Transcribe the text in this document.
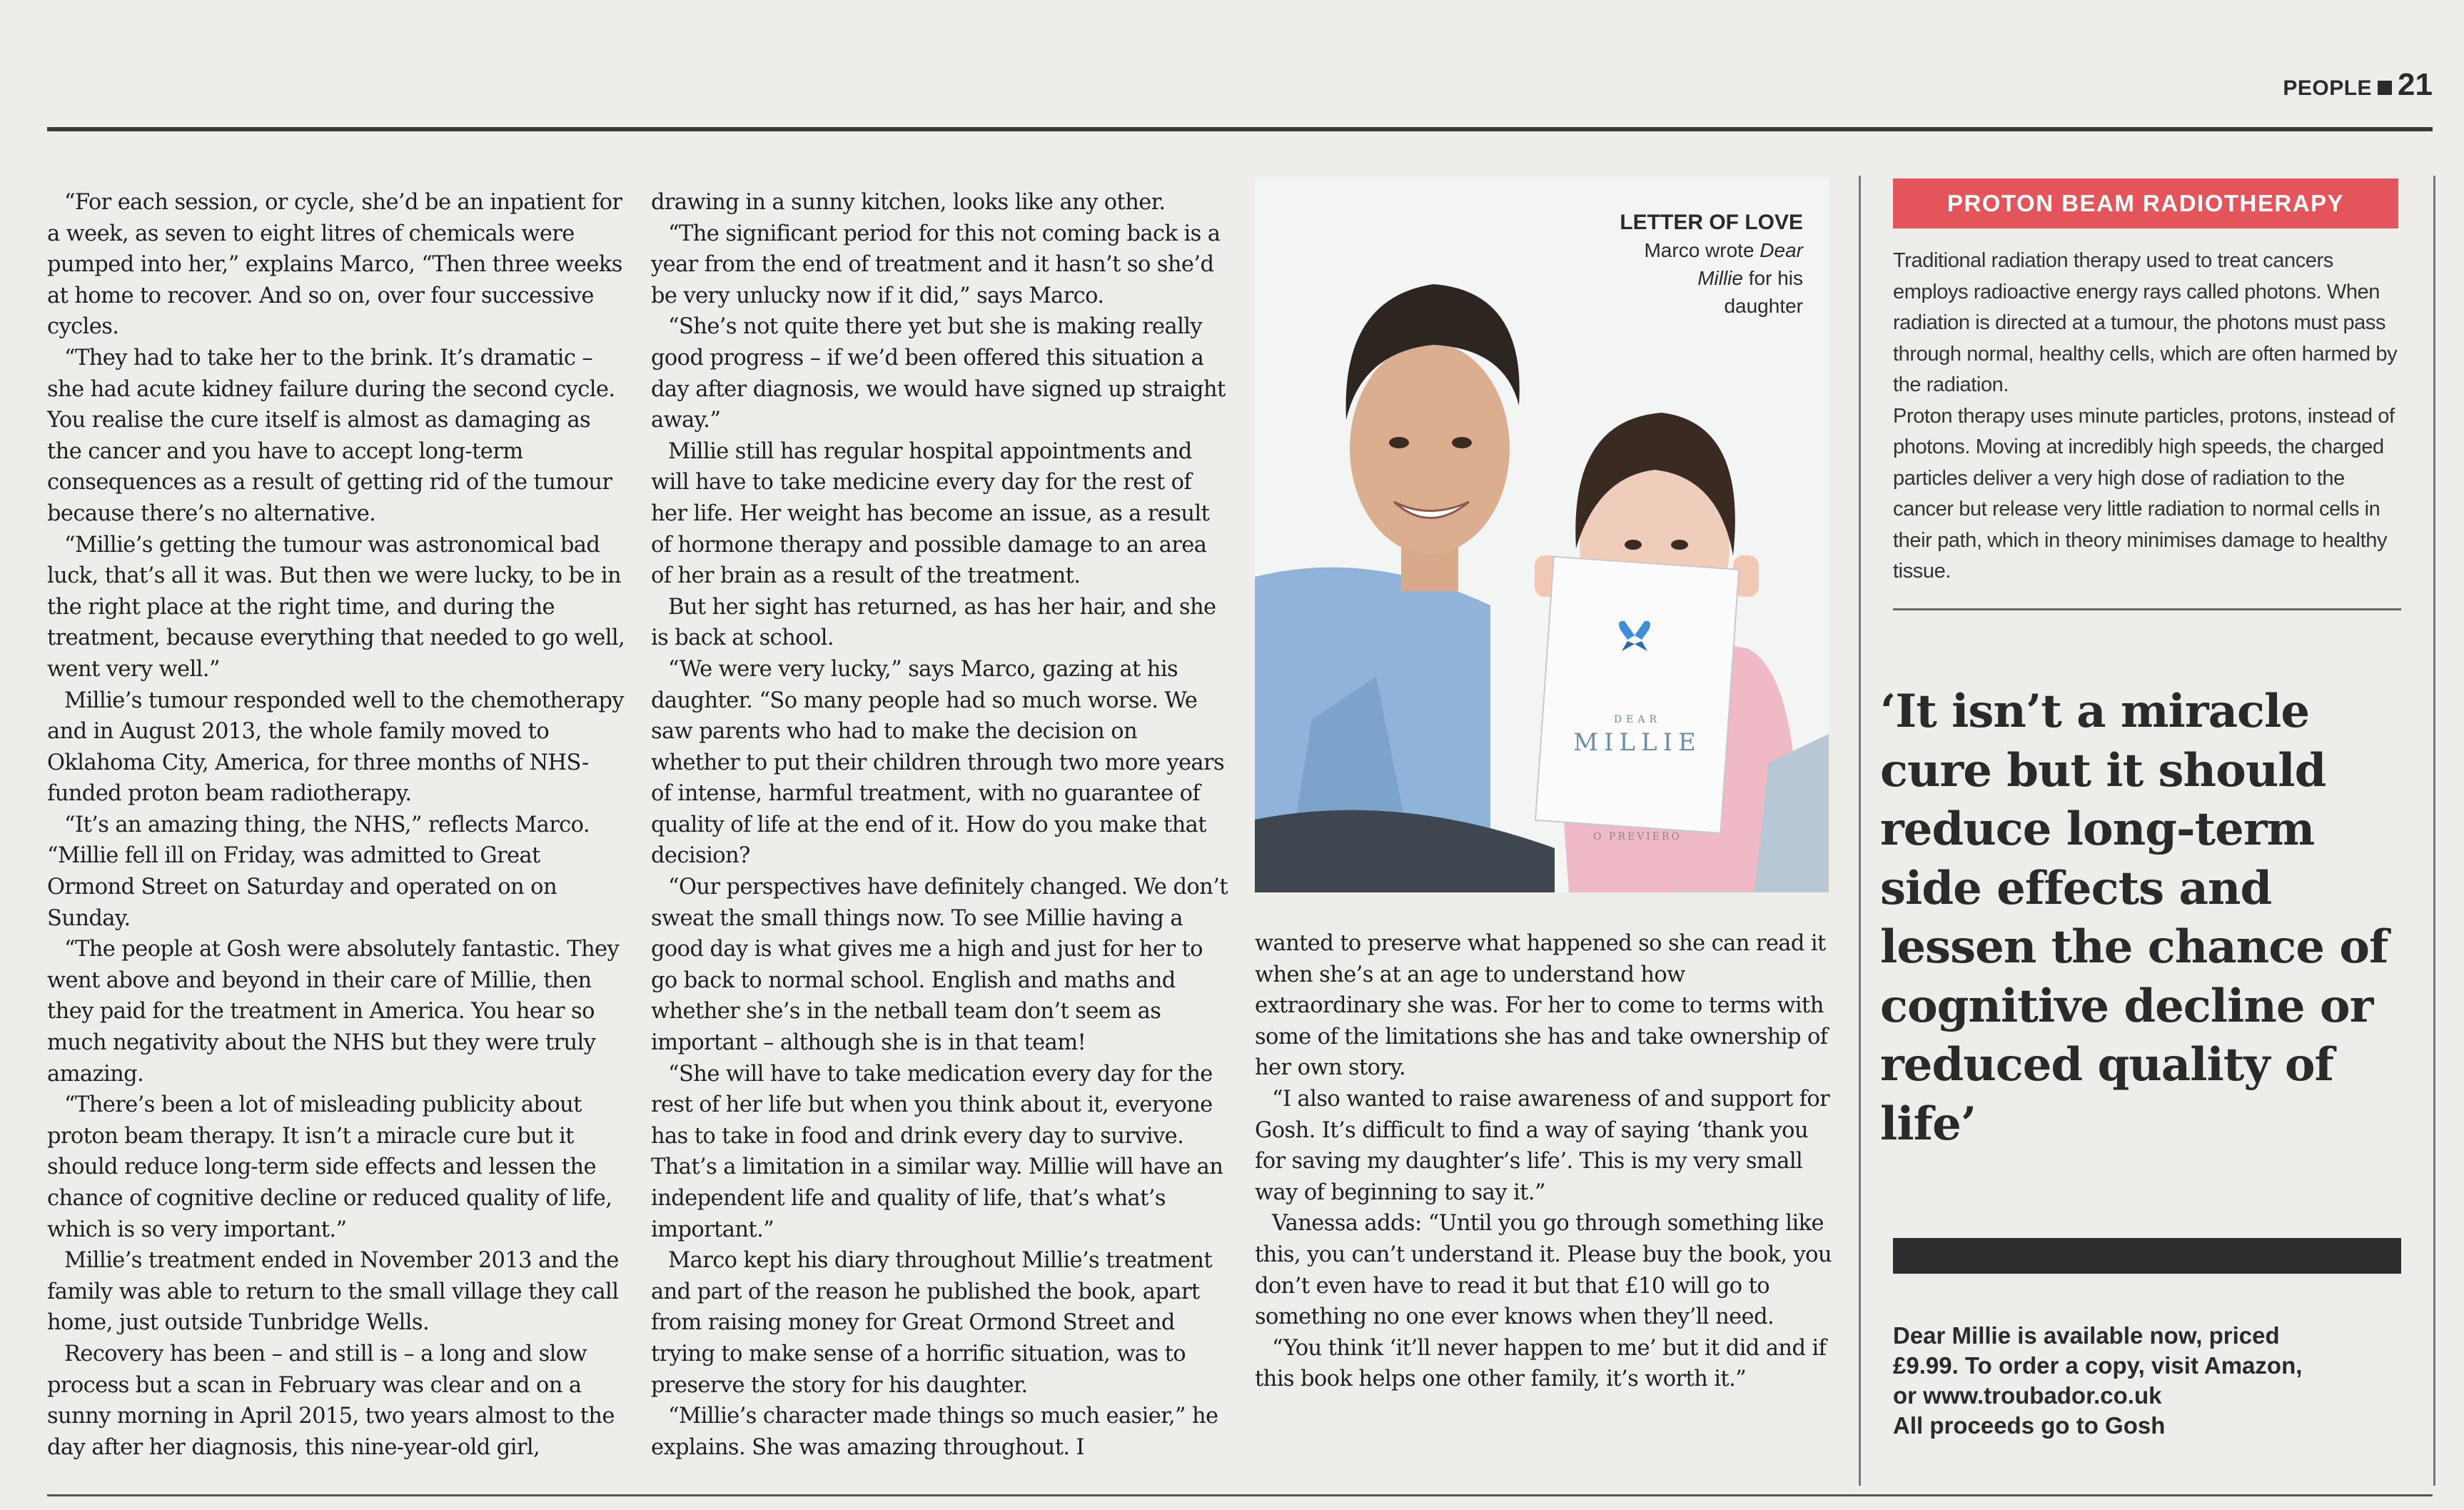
PEOPLE 21

“For each session, or cycle, she’d be an inpatient for a week, as seven to eight litres of chemicals were pumped into her,” explains Marco, “Then three weeks at home to recover. And so on, over four successive cycles.

“They had to take her to the brink. It’s dramatic – she had acute kidney failure during the second cycle. You realise the cure itself is almost as damaging as the cancer and you have to accept long-term consequences as a result of getting rid of the tumour because there’s no alternative.

“Millie’s getting the tumour was astronomical bad luck, that’s all it was. But then we were lucky, to be in the right place at the right time, and during the treatment, because everything that needed to go well, went very well.”

Millie’s tumour responded well to the chemotherapy and in August 2013, the whole family moved to Oklahoma City, America, for three months of NHS-funded proton beam radiotherapy.

“It’s an amazing thing, the NHS,” reflects Marco. “Millie fell ill on Friday, was admitted to Great Ormond Street on Saturday and operated on on Sunday.

“The people at Gosh were absolutely fantastic. They went above and beyond in their care of Millie, then they paid for the treatment in America. You hear so much negativity about the NHS but they were truly amazing.

“There’s been a lot of misleading publicity about proton beam therapy. It isn’t a miracle cure but it should reduce long-term side effects and lessen the chance of cognitive decline or reduced quality of life, which is so very important.”

Millie’s treatment ended in November 2013 and the family was able to return to the small village they call home, just outside Tunbridge Wells.

Recovery has been – and still is – a long and slow process but a scan in February was clear and on a sunny morning in April 2015, two years almost to the day after her diagnosis, this nine-year-old girl,

drawing in a sunny kitchen, looks like any other.

“The significant period for this not coming back is a year from the end of treatment and it hasn’t so she’d be very unlucky now if it did,” says Marco.

“She’s not quite there yet but she is making really good progress – if we’d been offered this situation a day after diagnosis, we would have signed up straight away.”

Millie still has regular hospital appointments and will have to take medicine every day for the rest of her life. Her weight has become an issue, as a result of hormone therapy and possible damage to an area of her brain as a result of the treatment.

But her sight has returned, as has her hair, and she is back at school.

“We were very lucky,” says Marco, gazing at his daughter. “So many people had so much worse. We saw parents who had to make the decision on whether to put their children through two more years of intense, harmful treatment, with no guarantee of quality of life at the end of it. How do you make that decision?

“Our perspectives have definitely changed. We don’t sweat the small things now. To see Millie having a good day is what gives me a high and just for her to go back to normal school. English and maths and whether she’s in the netball team don’t seem as important – although she is in that team!

“She will have to take medication every day for the rest of her life but when you think about it, everyone has to take in food and drink every day to survive. That’s a limitation in a similar way. Millie will have an independent life and quality of life, that’s what’s important.”

Marco kept his diary throughout Millie’s treatment and part of the reason he published the book, apart from raising money for Great Ormond Street and trying to make sense of a horrific situation, was to preserve the story for his daughter.

“Millie’s character made things so much easier,” he explains. She was amazing throughout. I

DEAR
MILLIE
O PREVIERO
LETTER OF LOVE
Marco wrote Dear
Millie for his
daughter

wanted to preserve what happened so she can read it when she’s at an age to understand how extraordinary she was. For her to come to terms with some of the limitations she has and take ownership of her own story.

“I also wanted to raise awareness of and support for Gosh. It’s difficult to find a way of saying ‘thank you for saving my daughter’s life’. This is my very small way of beginning to say it.”

Vanessa adds: “Until you go through something like this, you can’t understand it. Please buy the book, you don’t even have to read it but that £10 will go to something no one ever knows when they’ll need.

“You think ‘it’ll never happen to me’ but it did and if this book helps one other family, it’s worth it.”

PROTON BEAM RADIOTHERAPY

Traditional radiation therapy used to treat cancers employs radioactive energy rays called photons. When radiation is directed at a tumour, the photons must pass through normal, healthy cells, which are often harmed by the radiation.

Proton therapy uses minute particles, protons, instead of photons. Moving at incredibly high speeds, the charged particles deliver a very high dose of radiation to the cancer but release very little radiation to normal cells in their path, which in theory minimises damage to healthy tissue.

‘It isn’t a miracle cure but it should reduce long-term side effects and lessen the chance of cognitive decline or reduced quality of life’
Dear Millie is available now, priced
£9.99. To order a copy, visit Amazon,
or www.troubador.co.uk
All proceeds go to Gosh
